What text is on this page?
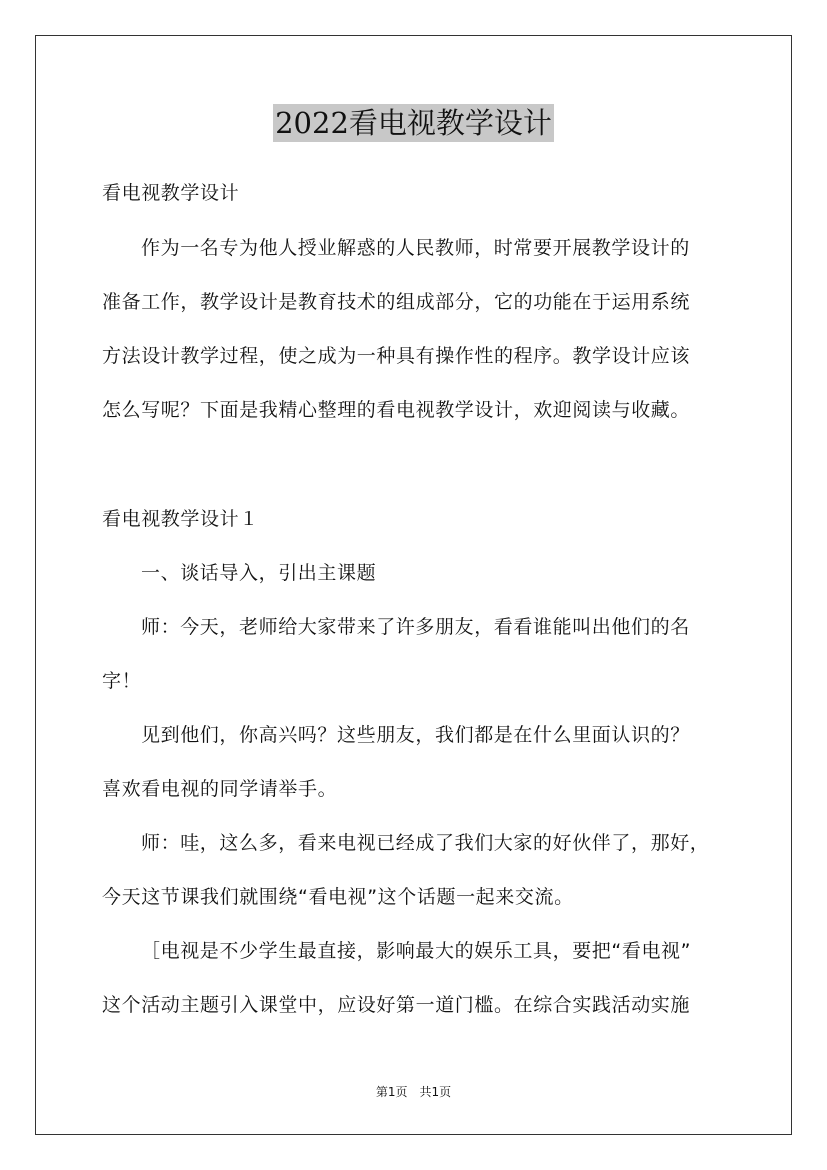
2022看电视教学设计
看电视教学设计
作为一名专为他人授业解惑的人民教师，时常要开展教学设计的
准备工作，教学设计是教育技术的组成部分，它的功能在于运用系统
方法设计教学过程，使之成为一种具有操作性的程序。教学设计应该
怎么写呢？下面是我精心整理的看电视教学设计，欢迎阅读与收藏。
看电视教学设计１
一、谈话导入，引出主课题
师：今天，老师给大家带来了许多朋友，看看谁能叫出他们的名
字！
见到他们，你高兴吗？这些朋友，我们都是在什么里面认识的？
喜欢看电视的同学请举手。
师：哇，这么多，看来电视已经成了我们大家的好伙伴了，那好，
今天这节课我们就围绕“看电视”这个话题一起来交流。
［电视是不少学生最直接，影响最大的娱乐工具，要把“看电视”
这个活动主题引入课堂中，应设好第一道门槛。在综合实践活动实施
第1页　共1页
